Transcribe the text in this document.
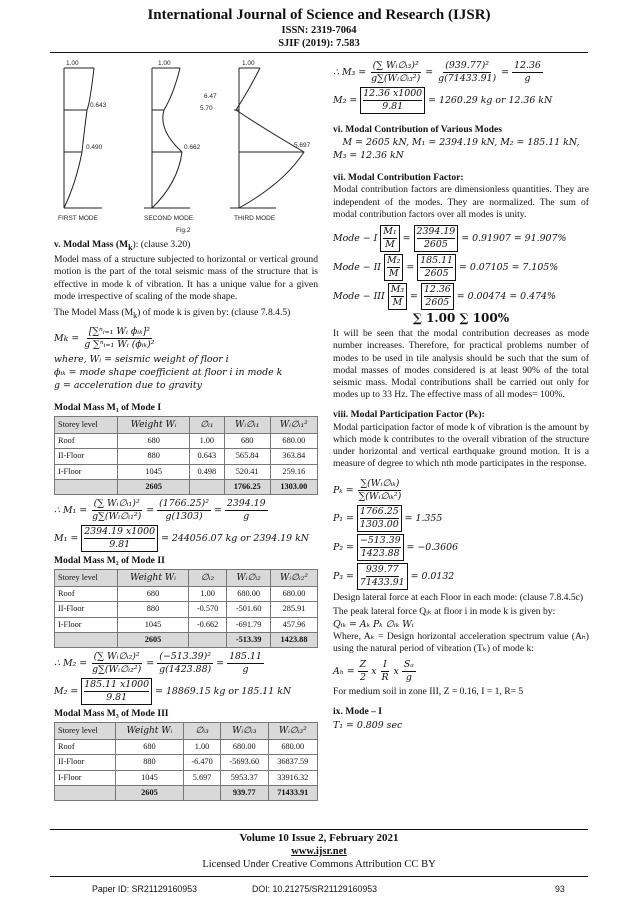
International Journal of Science and Research (IJSR)
ISSN: 2319-7064
SJIF (2019): 7.583
1.00
0.643
0.490
1.00
6.47
5.70
0.662
1.00
5.697
FIRST MODE	SECOND MODE	THIRD MODE
Fig.2
v. Modal Mass $(M_k)$: (clause 3.20)

Model mass of a structure subjected to horizontal or vertical ground motion is the part of the total seismic mass of the structure that is effective in mode k of vibration. It has a unique value for a given mode irrespective of scaling of the mode shape.

The Model Mass $(M_k)$ of mode k is given by: (clause 7.8.4.5)

M k =
[∑ⁿᵢ₌₁ Wᵢ ϕᵢₖ]²
g ∑ⁿᵢ₌₁ Wᵢ (ϕᵢₖ)²
where, Wᵢ = seismic weight of floor i
ϕᵢₖ = mode shape coefficient at floor i in mode k
g = acceleration due to gravity
Modal Mass M₁ of Mode I
Storey level	Weight Wᵢ	∅ᵢ₁	Wᵢ∅ᵢ₁	Wᵢ∅ᵢ₁²
Roof	680	1.00	680	680.00
II-Floor	880	0.643	565.84	363.84
I-Floor	1045	0.498	520.41	259.16
	2605		1766.25	1303.00
∴ $M_1 = \frac{\text{(∑ Wᵢ∅ᵢ₁)²}}{\text{g∑(Wᵢ∅ᵢ₁²)}}$ =
(1766.25)²
g(1303)
=
2394.19
g
M₁ =
$\frac{2394.19 x1000}{9.81}$
= 244056.07 kg or 2394.19 kN
Modal Mass M₂ of Mode II
Storey level	Weight Wᵢ	∅ᵢ₂	Wᵢ∅ᵢ₂	Wᵢ∅ᵢ₂²
Roof	680	1.00	680.00	680.00
II-Floor	880	-0.570	-501.60	285.91
I-Floor	1045	-0.662	-691.79	457.96
	2605		-513.39	1423.88
∴ $M_2 = \frac{\text{(∑ Wᵢ∅ᵢ₂)²}}{\text{g∑(Wᵢ∅ᵢ₂²)}}$ =
(−513.39)²
g(1423.88)
=
185.11
g
M₂ =
$\frac{185.11 x1000}{9.81}$
= 18869.15 kg or 185.11 kN
Modal Mass M₃ of Mode III
Storey level	Weight Wᵢ	∅ᵢ₃	Wᵢ∅ᵢ₃	Wᵢ∅ᵢ₃²
Roof	680	1.00	680.00	680.00
II-Floor	880	-6.470	-5693.60	36837.59
I-Floor	1045	5.697	5953.37	33916.32
	2605		939.77	71433.91
∴ $M_3 = \frac{\text{(∑ Wᵢ∅ᵢ₃)²}}{\text{g∑(Wᵢ∅ᵢ₃²)}}$ =
(939.77)²
g(71433.91)
=
12.36
g
M₂ =
$\frac{12.36 x1000}{9.81}$
= 1260.29 kg or 12.36 kN
vi. Modal Contribution of Various Modes
M = 2605 kN, M₁ = 2394.19 kN, M₂ = 185.11 kN,
M₃ = 12.36 kN
vii. Modal Contribution Factor:

Modal contribution factors are dimensionless quantities. They are independent of the modes. They are normalized. The sum of modal contribution factors over all modes is unity.

Mode − I

M₁
M
= $\frac{2394.19}{2605}$
= 0.91907 = 91.907%
Mode − II

M₂
M
= $\frac{185.11}{2605}$
= 0.07105 = 7.105%
Mode − III

M₃
M
= $\frac{12.36}{2605}$
= 0.00474 = 0.474%
∑ 1.00 ∑ 100%

It will be seen that the modal contribution decreases as mode number increases. Therefore, for practical problems number of modes to be used in tile analysis should be such that the sum of modal masses of modes considered is at least 90% of the total seismic mass. Modal contributions shall be carried out only for modes up to 33 Hz. The effective mass of all modes= 100%.

viii. Modal Participation Factor (Pₖ):

Modal participation factor of mode k of vibration is the amount by which mode k contributes to the overall vibration of the structure under horizontal and vertical earthquake ground motion. It is a measure of degree to which nth mode participates in the response.

$P_k = \frac{\text{∑(Wᵢ∅ᵢₖ)}}{\text{∑(Wᵢ∅ᵢₖ²)}}$
P₁ =
$\frac{1766.25}{1303.00}$
= 1.355
P₂ =
$\frac{-513.39}{1423.88}$
= −0.3606
P₃ =
$\frac{939.77}{71433.91}$
= 0.0132

Design lateral force at each Floor in each mode: (clause 7.8.4.5c)

The peak lateral force Qᵢₖ at floor i in mode k is given by:
Qᵢₖ = Aₖ Pₖ ∅ᵢₖ Wᵢ
Where, Aₖ = Design horizontal acceleration spectrum value (Aₕ) using the natural period of vibration (Tₖ) of mode k:
$A_h = \frac{Z}{2}$ x
I
R
x
Sₐ
g
For medium soil in zone III, Z = 0.16, I = 1, R= 5
ix. Mode – I
T₁ = 0.809 sec
Volume 10 Issue 2, February 2021
www.ijsr.net
Licensed Under Creative Commons Attribution CC BY
Paper ID: SR21129160953	DOI: 10.21275/SR21129160953	93
